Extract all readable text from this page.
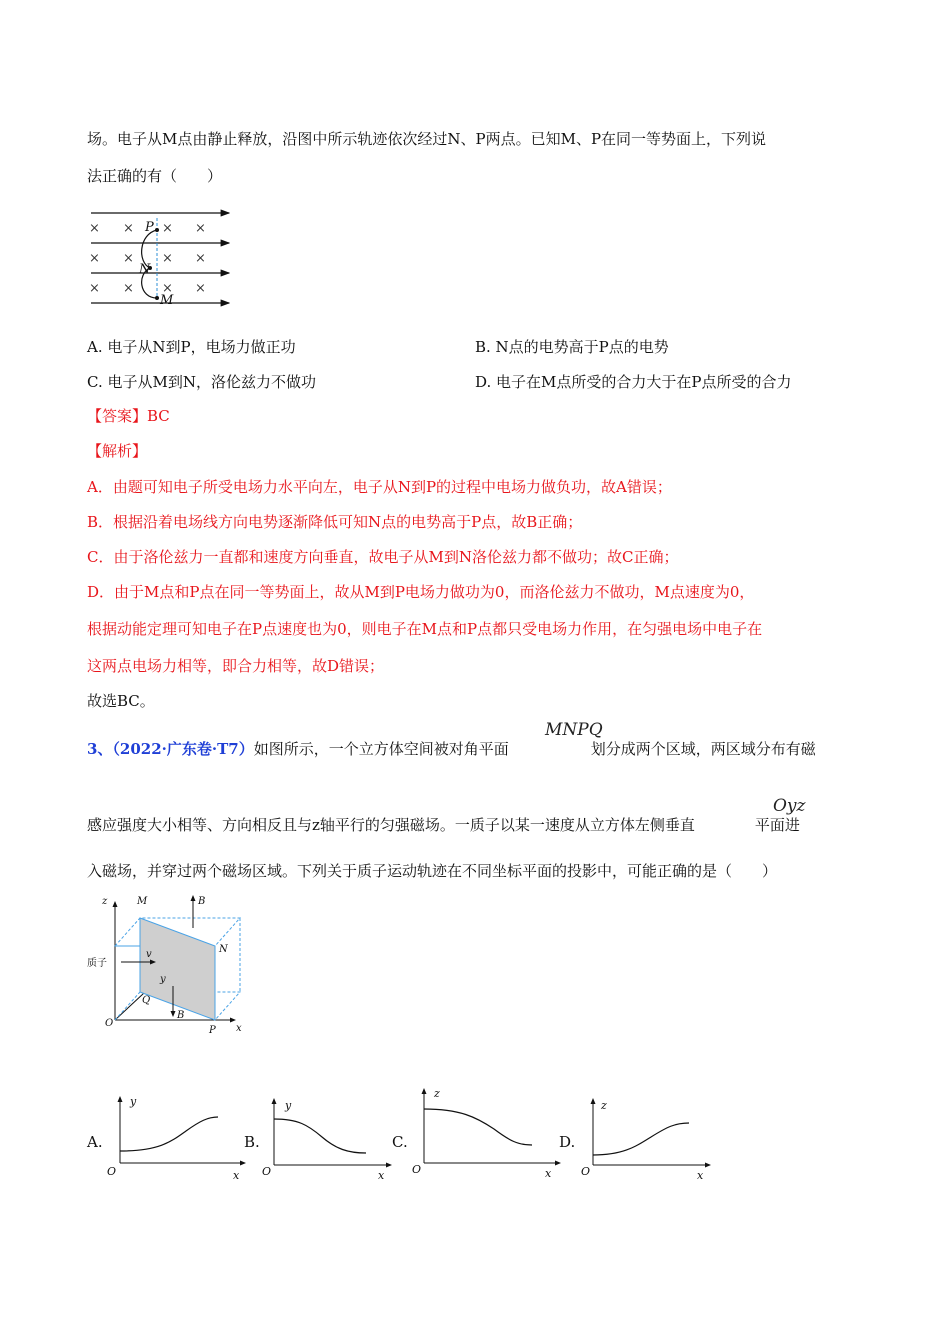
场。电子从M点由静止释放，沿图中所示轨迹依次经过N、P两点。已知M、P在同一等势面上，下列说
法正确的有（　　）
× × × ×
× × × ×
× × × ×
P
N
M
A. 电子从N到P，电场力做正功	B. N点的电势高于P点的电势
C. 电子从M到N，洛伦兹力不做功	D. 电子在M点所受的合力大于在P点所受的合力
【答案】BC
【解析】
A．由题可知电子所受电场力水平向左，电子从N到P的过程中电场力做负功，故A错误；
B．根据沿着电场线方向电势逐渐降低可知N点的电势高于P点，故B正确；
C．由于洛伦兹力一直都和速度方向垂直，故电子从M到N洛伦兹力都不做功；故C正确；
D．由于M点和P点在同一等势面上，故从M到P电场力做功为0，而洛伦兹力不做功，M点速度为0，
根据动能定理可知电子在P点速度也为0，则电子在M点和P点都只受电场力作用，在匀强电场中电子在
这两点电场力相等，即合力相等，故D错误；
故选BC。
3、（2022·广东卷·T7）如图所示，一个立方体空间被对角平面	划分成两个区域，两区域分布有磁
MNPQ
感应强度大小相等、方向相反且与z轴平行的匀强磁场。一质子以某一速度从立方体左侧垂直	平面进
Oyz
入磁场，并穿过两个磁场区域。下列关于质子运动轨迹在不同坐标平面的投影中，可能正确的是（　　）
z	M	B
N
v
y
Q
B
O
P x
质子
A.
y
x
O
B.
y
x
O
C.
z
x
O
D.
z
x
O
